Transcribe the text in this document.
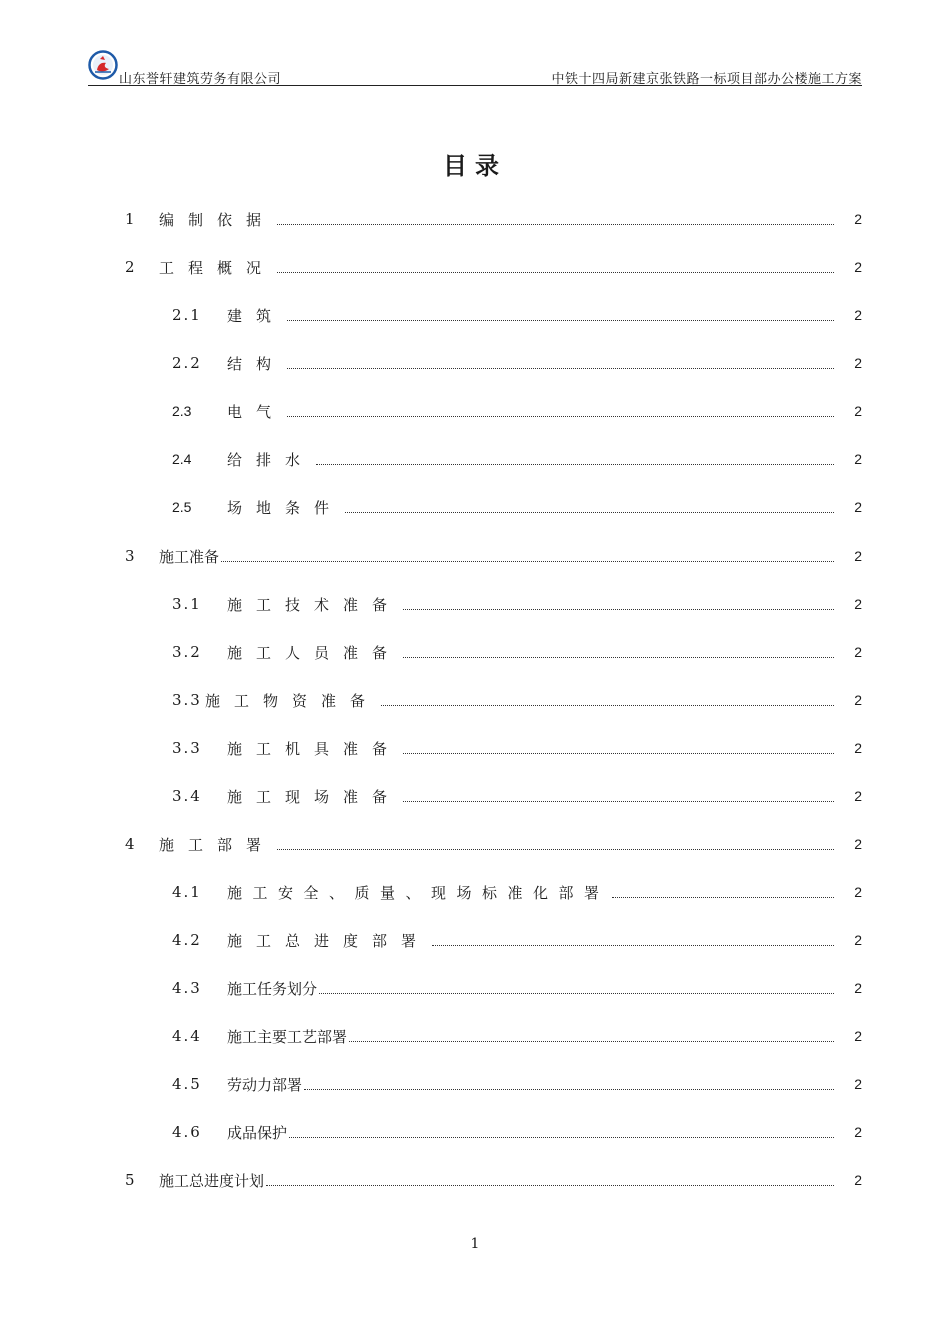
山东誉轩建筑劳务有限公司	中铁十四局新建京张铁路一标项目部办公楼施工方案
目录
1	编制依据	2
2	工程概况	2
2.1	建筑	2
2.2	结构	2
2.3	电气	2
2.4	给排水	2
2.5	场地条件	2
3	施工准备	2
3.1	施工技术准备	2
3.2	施工人员准备	2
3.3 施工物资准备	2
3.3	施工机具准备	2
3.4	施工现场准备	2
4	施工部署	2
4.1	施工安全、质量、现场标准化部署	2
4.2	施工总进度部署	2
4.3	施工任务划分	2
4.4	施工主要工艺部署	2
4.5	劳动力部署	2
4.6	成品保护	2
5	施工总进度计划	2
1
